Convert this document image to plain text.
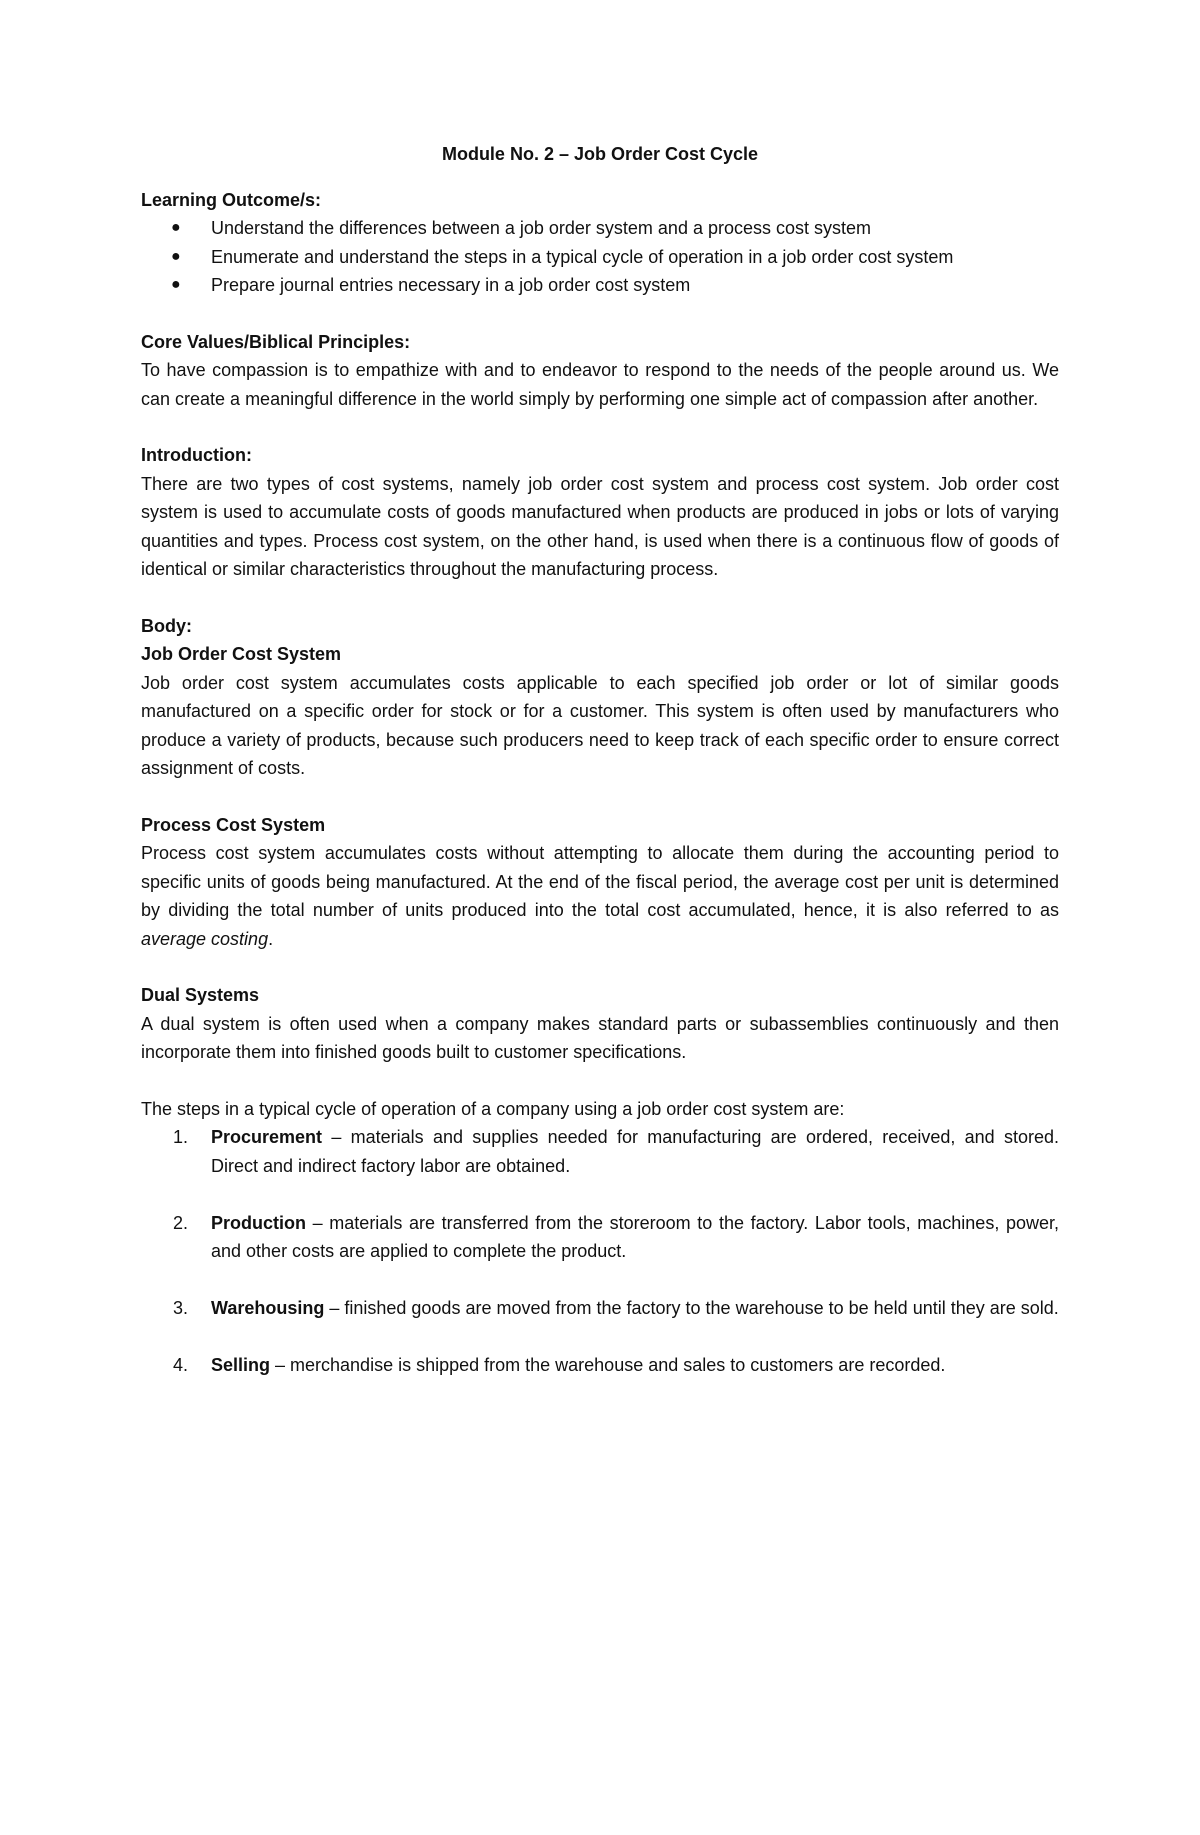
Module No. 2 – Job Order Cost Cycle

Learning Outcome/s:

● Understand the differences between a job order system and a process cost system
● Enumerate and understand the steps in a typical cycle of operation in a job order cost system
● Prepare journal entries necessary in a job order cost system

Core Values/Biblical Principles:

To have compassion is to empathize with and to endeavor to respond to the needs of the people around us. We can create a meaningful difference in the world simply by performing one simple act of compassion after another.

Introduction:

There are two types of cost systems, namely job order cost system and process cost system. Job order cost system is used to accumulate costs of goods manufactured when products are produced in jobs or lots of varying quantities and types. Process cost system, on the other hand, is used when there is a continuous flow of goods of identical or similar characteristics throughout the manufacturing process.

Body:

Job Order Cost System

Job order cost system accumulates costs applicable to each specified job order or lot of similar goods manufactured on a specific order for stock or for a customer. This system is often used by manufacturers who produce a variety of products, because such producers need to keep track of each specific order to ensure correct assignment of costs.

Process Cost System

Process cost system accumulates costs without attempting to allocate them during the accounting period to specific units of goods being manufactured. At the end of the fiscal period, the average cost per unit is determined by dividing the total number of units produced into the total cost accumulated, hence, it is also referred to as average costing.

Dual Systems

A dual system is often used when a company makes standard parts or subassemblies continuously and then incorporate them into finished goods built to customer specifications.

The steps in a typical cycle of operation of a company using a job order cost system are:

1. Procurement – materials and supplies needed for manufacturing are ordered, received, and stored. Direct and indirect factory labor are obtained.
2. Production – materials are transferred from the storeroom to the factory. Labor tools, machines, power, and other costs are applied to complete the product.
3. Warehousing – finished goods are moved from the factory to the warehouse to be held until they are sold.
4. Selling – merchandise is shipped from the warehouse and sales to customers are recorded.
